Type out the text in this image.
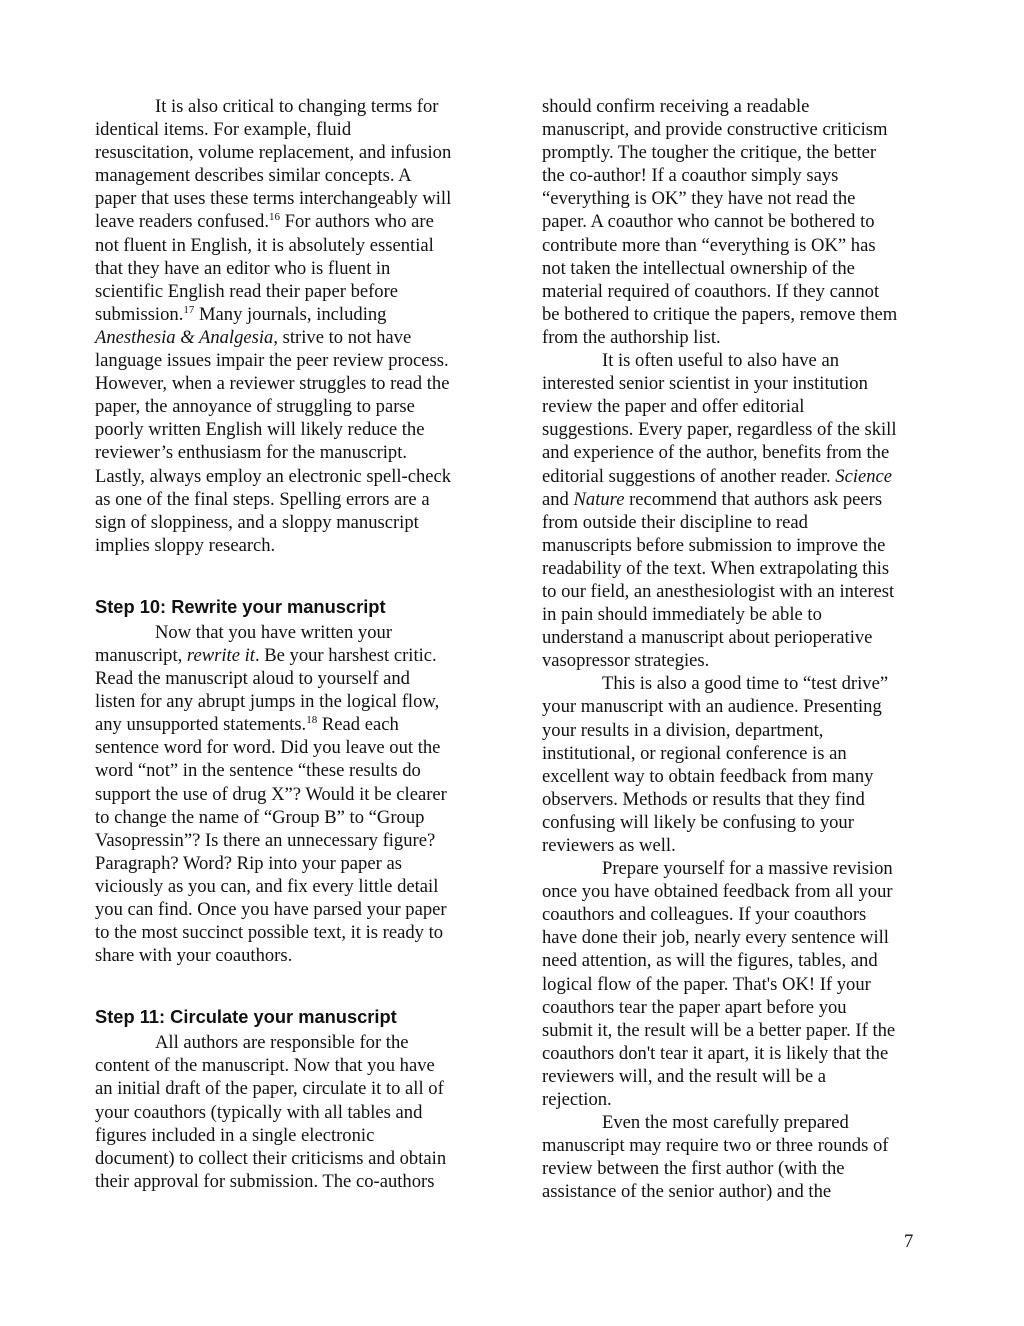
It is also critical to changing terms for
identical items. For example, fluid
resuscitation, volume replacement, and infusion
management describes similar concepts. A
paper that uses these terms interchangeably will
leave readers confused.$^{16}$ For authors who are
not fluent in English, it is absolutely essential
that they have an editor who is fluent in
scientific English read their paper before
submission.$^{17}$ Many journals, including
Anesthesia & Analgesia, strive to not have
language issues impair the peer review process.
However, when a reviewer struggles to read the
paper, the annoyance of struggling to parse
poorly written English will likely reduce the
reviewer’s enthusiasm for the manuscript.
Lastly, always employ an electronic spell-check
as one of the final steps. Spelling errors are a
sign of sloppiness, and a sloppy manuscript
implies sloppy research.
Step 10: Rewrite your manuscript
Now that you have written your
manuscript, rewrite it. Be your harshest critic.
Read the manuscript aloud to yourself and
listen for any abrupt jumps in the logical flow,
any unsupported statements.$^{18}$ Read each
sentence word for word. Did you leave out the
word “not” in the sentence “these results do
support the use of drug X”? Would it be clearer
to change the name of “Group B” to “Group
Vasopressin”? Is there an unnecessary figure?
Paragraph? Word? Rip into your paper as
viciously as you can, and fix every little detail
you can find. Once you have parsed your paper
to the most succinct possible text, it is ready to
share with your coauthors.
Step 11: Circulate your manuscript
All authors are responsible for the
content of the manuscript. Now that you have
an initial draft of the paper, circulate it to all of
your coauthors (typically with all tables and
figures included in a single electronic
document) to collect their criticisms and obtain
their approval for submission. The co-authors
should confirm receiving a readable
manuscript, and provide constructive criticism
promptly. The tougher the critique, the better
the co-author! If a coauthor simply says
“everything is OK” they have not read the
paper. A coauthor who cannot be bothered to
contribute more than “everything is OK” has
not taken the intellectual ownership of the
material required of coauthors. If they cannot
be bothered to critique the papers, remove them
from the authorship list.
It is often useful to also have an
interested senior scientist in your institution
review the paper and offer editorial
suggestions. Every paper, regardless of the skill
and experience of the author, benefits from the
editorial suggestions of another reader. Science
and Nature recommend that authors ask peers
from outside their discipline to read
manuscripts before submission to improve the
readability of the text. When extrapolating this
to our field, an anesthesiologist with an interest
in pain should immediately be able to
understand a manuscript about perioperative
vasopressor strategies.
This is also a good time to “test drive”
your manuscript with an audience. Presenting
your results in a division, department,
institutional, or regional conference is an
excellent way to obtain feedback from many
observers. Methods or results that they find
confusing will likely be confusing to your
reviewers as well.
Prepare yourself for a massive revision
once you have obtained feedback from all your
coauthors and colleagues. If your coauthors
have done their job, nearly every sentence will
need attention, as will the figures, tables, and
logical flow of the paper. That's OK! If your
coauthors tear the paper apart before you
submit it, the result will be a better paper. If the
coauthors don't tear it apart, it is likely that the
reviewers will, and the result will be a
rejection.
Even the most carefully prepared
manuscript may require two or three rounds of
review between the first author (with the
assistance of the senior author) and the
7
